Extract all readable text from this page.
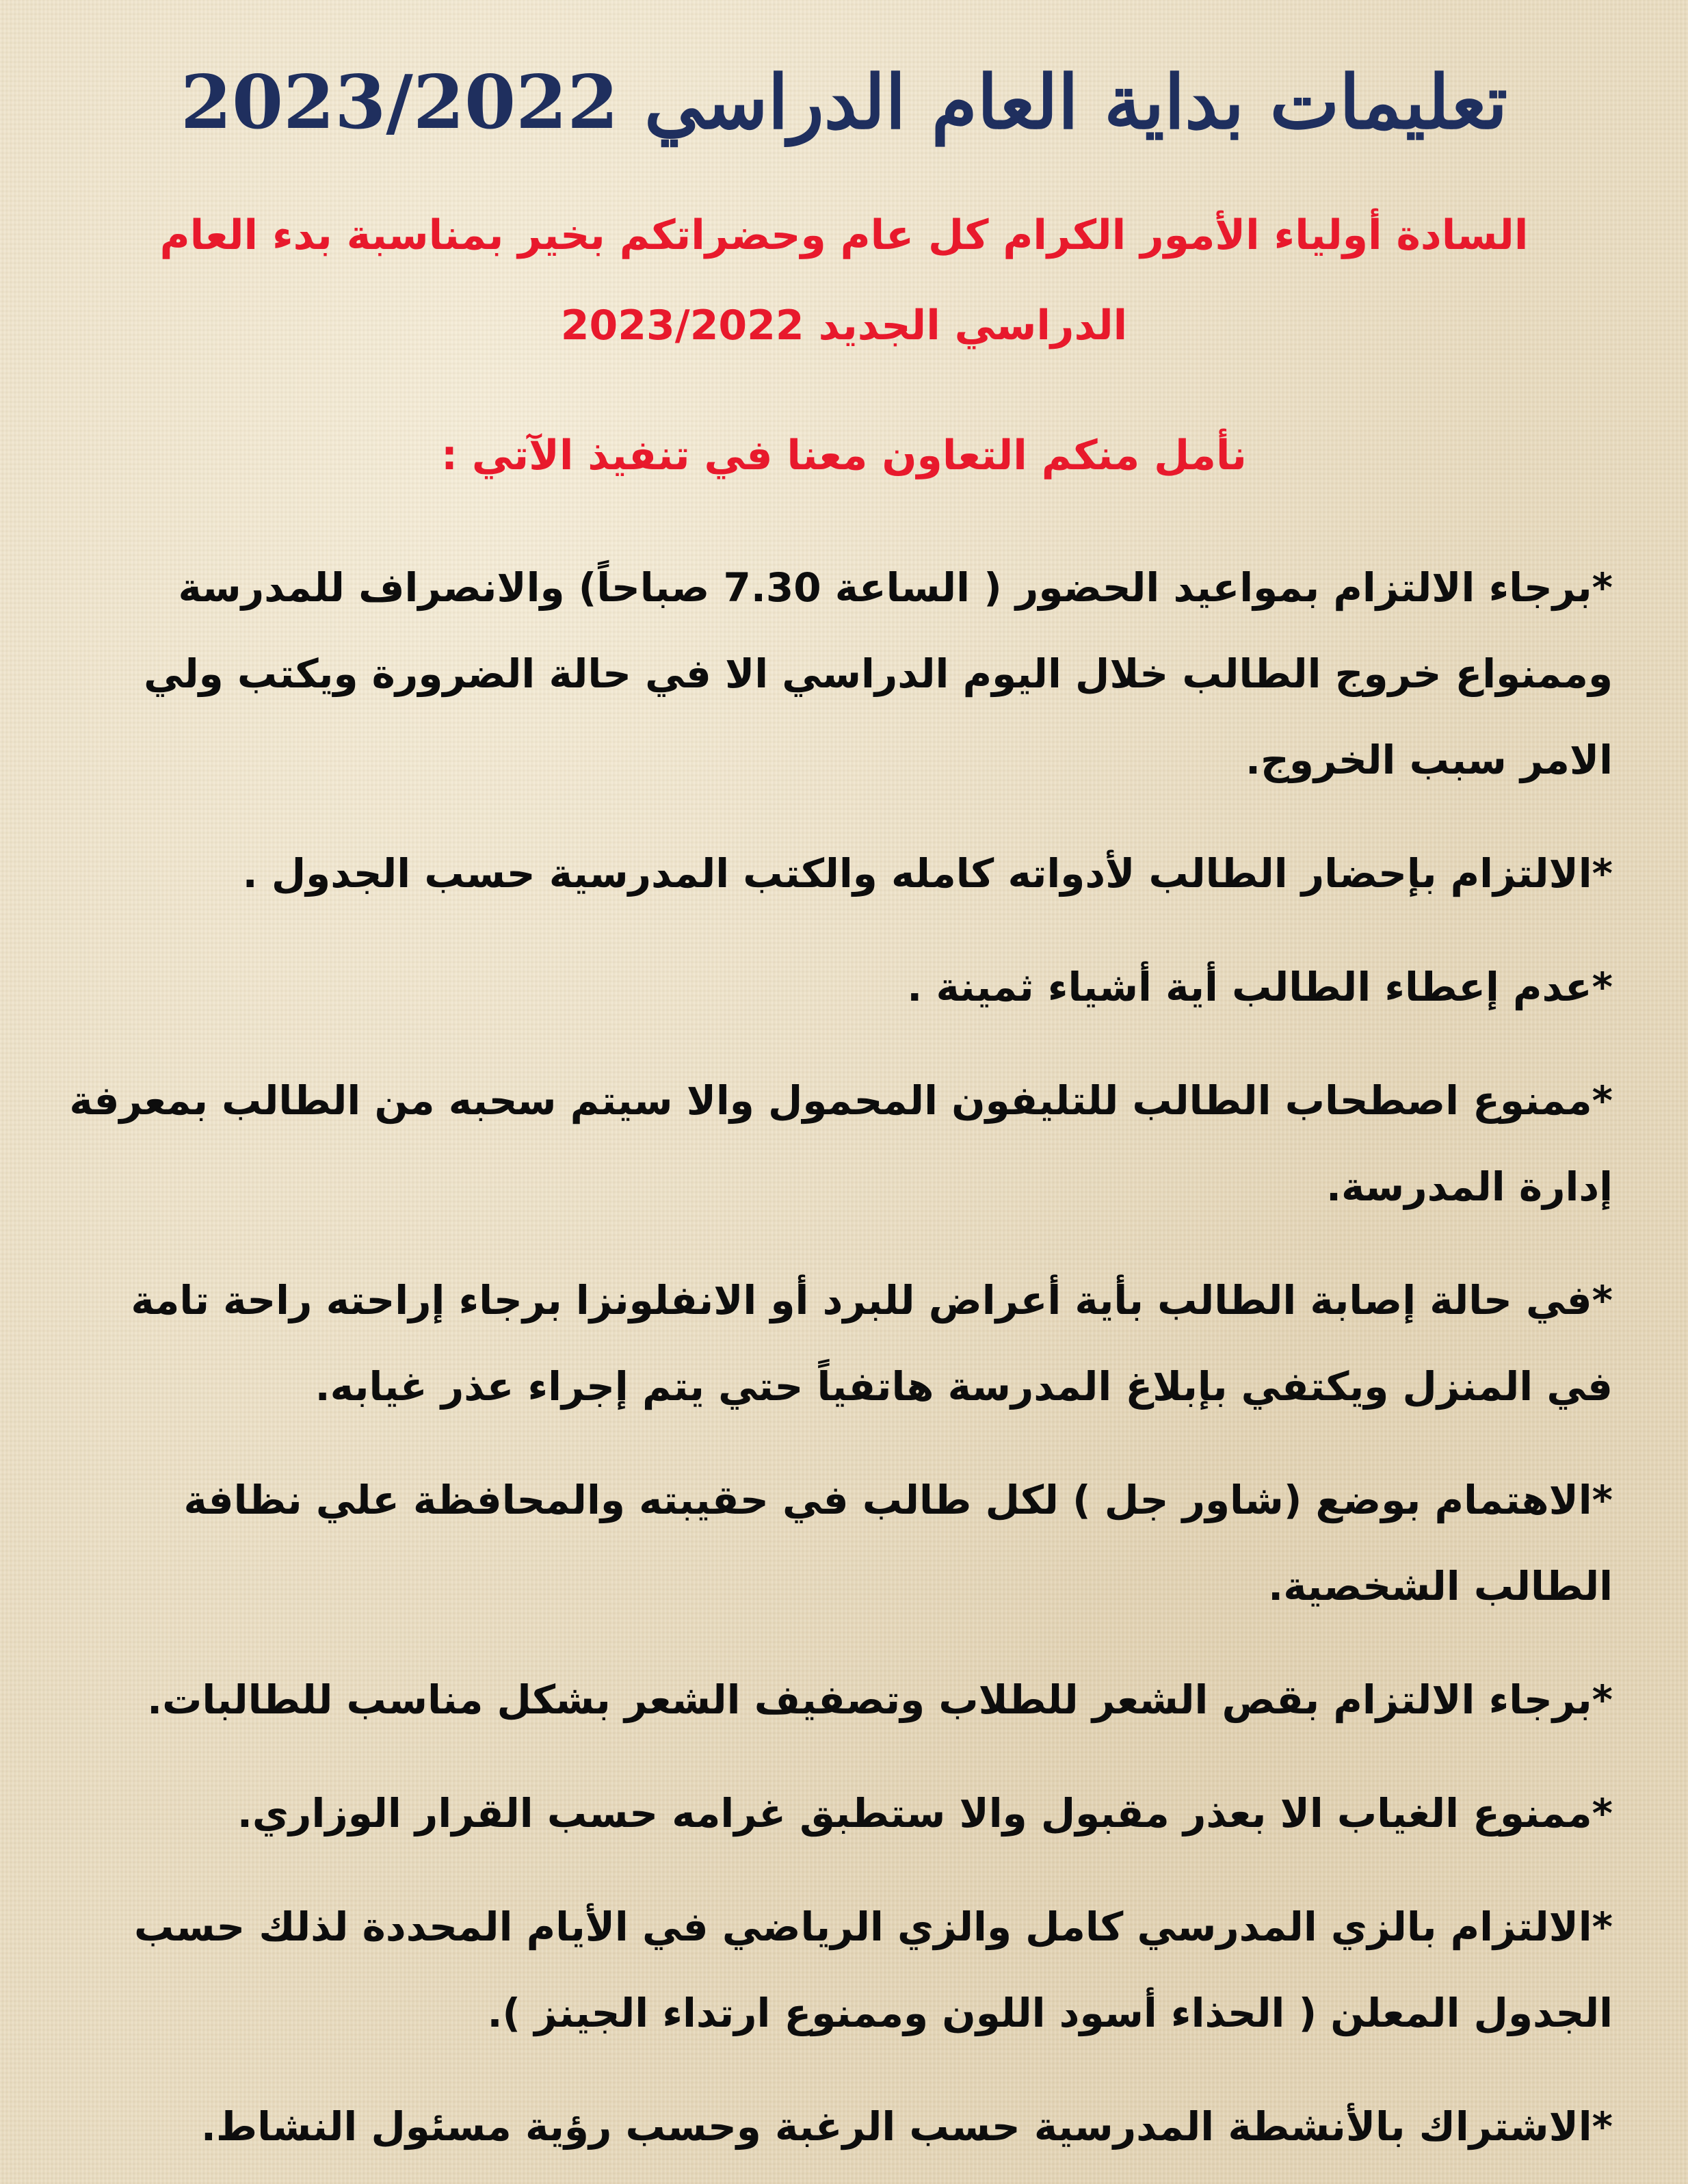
تعليمات بداية العام الدراسي 2023/2022

السادة أولياء الأمور الكرام كل عام وحضراتكم بخير بمناسبة بدء العام الدراسي الجديد 2023/2022

نأمل منكم التعاون معنا في تنفيذ الآتي :

*برجاء الالتزام بمواعيد الحضور ( الساعة 7.30 صباحاً) والانصراف للمدرسة وممنواع خروج الطالب خلال اليوم الدراسي الا في حالة الضرورة ويكتب ولي الامر سبب الخروج.
*الالتزام بإحضار الطالب لأدواته كامله والكتب المدرسية حسب الجدول .
*عدم إعطاء الطالب أية أشياء ثمينة .
*ممنوع اصطحاب الطالب للتليفون المحمول والا سيتم سحبه من الطالب بمعرفة إدارة المدرسة.
*في حالة إصابة الطالب بأية أعراض للبرد أو الانفلونزا برجاء إراحته راحة تامة في المنزل ويكتفي بإبلاغ المدرسة هاتفياً حتي يتم إجراء عذر غيابه.
*الاهتمام بوضع (شاور جل ) لكل طالب في حقيبته والمحافظة علي نظافة الطالب الشخصية.
*برجاء الالتزام بقص الشعر للطلاب وتصفيف الشعر بشكل مناسب للطالبات.
*ممنوع الغياب الا بعذر مقبول والا ستطبق غرامه حسب القرار الوزاري.
*الالتزام بالزي المدرسي كامل والزي الرياضي في الأيام المحددة لذلك حسب الجدول المعلن ( الحذاء أسود اللون وممنوع ارتداء الجينز ).
*الاشتراك بالأنشطة المدرسية حسب الرغبة وحسب رؤية مسئول النشاط.
